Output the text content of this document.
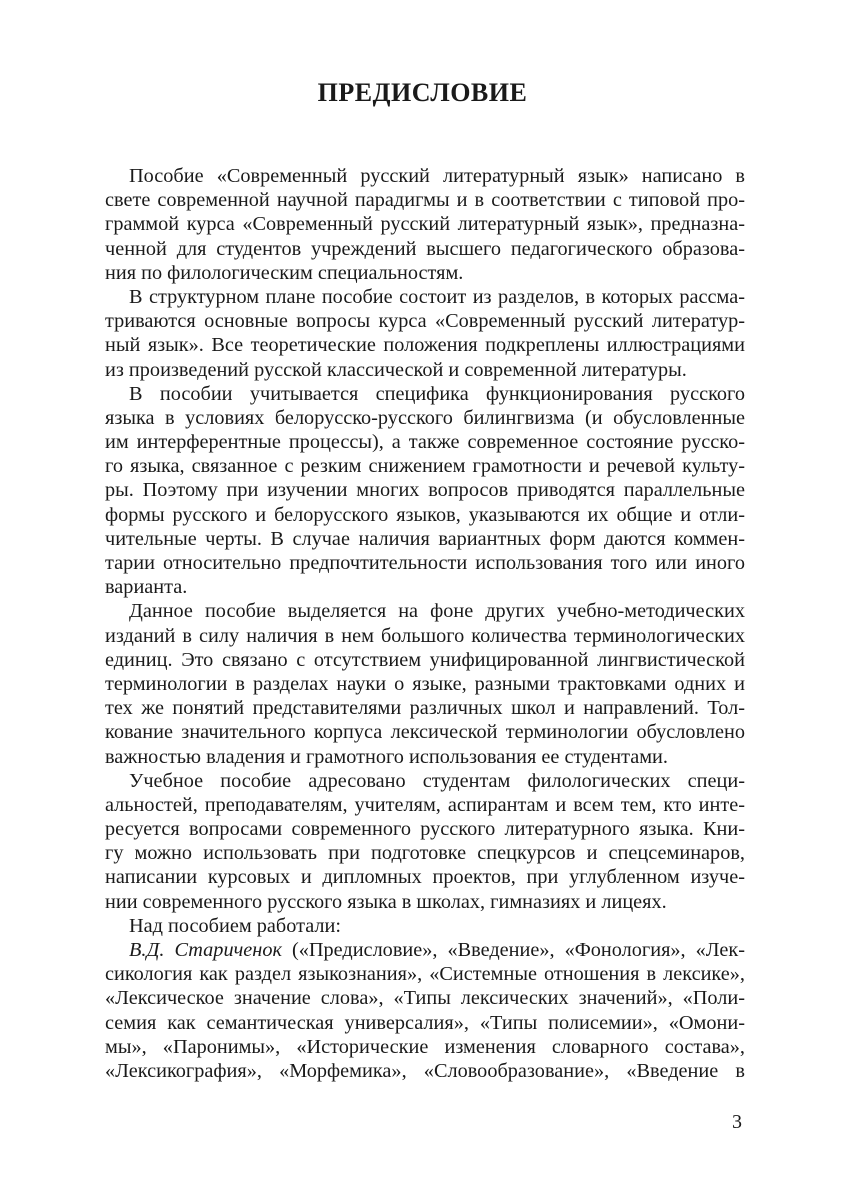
ПРЕДИСЛОВИЕ
Пособие «Современный русский литературный язык» написано в
свете современной научной парадигмы и в соответствии с типовой про-
граммой курса «Современный русский литературный язык», предназна-
ченной для студентов учреждений высшего педагогического образова-
ния по филологическим специальностям.
В структурном плане пособие состоит из разделов, в которых рассма-
триваются основные вопросы курса «Современный русский литератур-
ный язык». Все теоретические положения подкреплены иллюстрациями
из произведений русской классической и современной литературы.
В пособии учитывается специфика функционирования русского
языка в условиях белорусско-русского билингвизма (и обусловленные
им интерферентные процессы), а также современное состояние русско-
го языка, связанное с резким снижением грамотности и речевой культу-
ры. Поэтому при изучении многих вопросов приводятся параллельные
формы русского и белорусского языков, указываются их общие и отли-
чительные черты. В случае наличия вариантных форм даются коммен-
тарии относительно предпочтительности использования того или иного
варианта.
Данное пособие выделяется на фоне других учебно-методических
изданий в силу наличия в нем большого количества терминологических
единиц. Это связано с отсутствием унифицированной лингвистической
терминологии в разделах науки о языке, разными трактовками одних и
тех же понятий представителями различных школ и направлений. Тол-
кование значительного корпуса лексической терминологии обусловлено
важностью владения и грамотного использования ее студентами.
Учебное пособие адресовано студентам филологических специ-
альностей, преподавателям, учителям, аспирантам и всем тем, кто инте-
ресуется вопросами современного русского литературного языка. Кни-
гу можно использовать при подготовке спецкурсов и спецсеминаров,
написании курсовых и дипломных проектов, при углубленном изуче-
нии современного русского языка в школах, гимназиях и лицеях.
Над пособием работали:
В.Д. Стариченок («Предисловие», «Введение», «Фонология», «Лек-
сикология как раздел языкознания», «Системные отношения в лексике»,
«Лексическое значение слова», «Типы лексических значений», «Поли-
семия как семантическая универсалия», «Типы полисемии», «Омони-
мы», «Паронимы», «Исторические изменения словарного состава»,
«Лексикография», «Морфемика», «Словообразование», «Введение в
3
